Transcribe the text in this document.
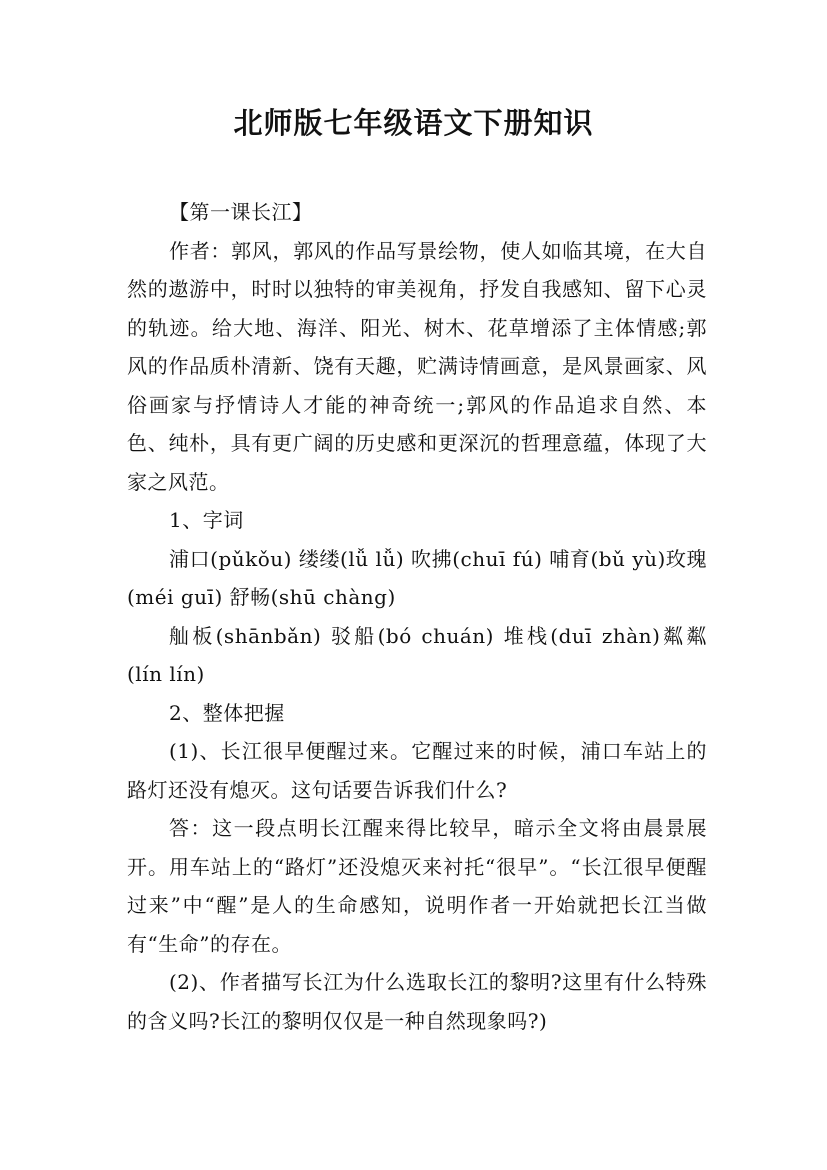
北师版七年级语文下册知识

【第一课长江】

作者：郭风，郭风的作品写景绘物，使人如临其境，在大自然的遨游中，时时以独特的审美视角，抒发自我感知、留下心灵的轨迹。给大地、海洋、阳光、树木、花草增添了主体情感;郭风的作品质朴清新、饶有天趣，贮满诗情画意，是风景画家、风俗画家与抒情诗人才能的神奇统一;郭风的作品追求自然、本色、纯朴，具有更广阔的历史感和更深沉的哲理意蕴，体现了大家之风范。

1、字词

浦口(pǔkǒu) 缕缕(lǚ lǚ) 吹拂(chuī fú) 哺育(bǔ yù)玫瑰(méi guī) 舒畅(shū chàng)

舢板(shānbǎn) 驳船(bó chuán) 堆栈(duī zhàn)粼粼(lín lín)

2、整体把握

(1)、长江很早便醒过来。它醒过来的时候，浦口车站上的路灯还没有熄灭。这句话要告诉我们什么?

答：这一段点明长江醒来得比较早，暗示全文将由晨景展开。用车站上的“路灯”还没熄灭来衬托“很早”。“长江很早便醒过来”中“醒”是人的生命感知，说明作者一开始就把长江当做有“生命”的存在。

(2)、作者描写长江为什么选取长江的黎明?这里有什么特殊的含义吗?长江的黎明仅仅是一种自然现象吗?)
